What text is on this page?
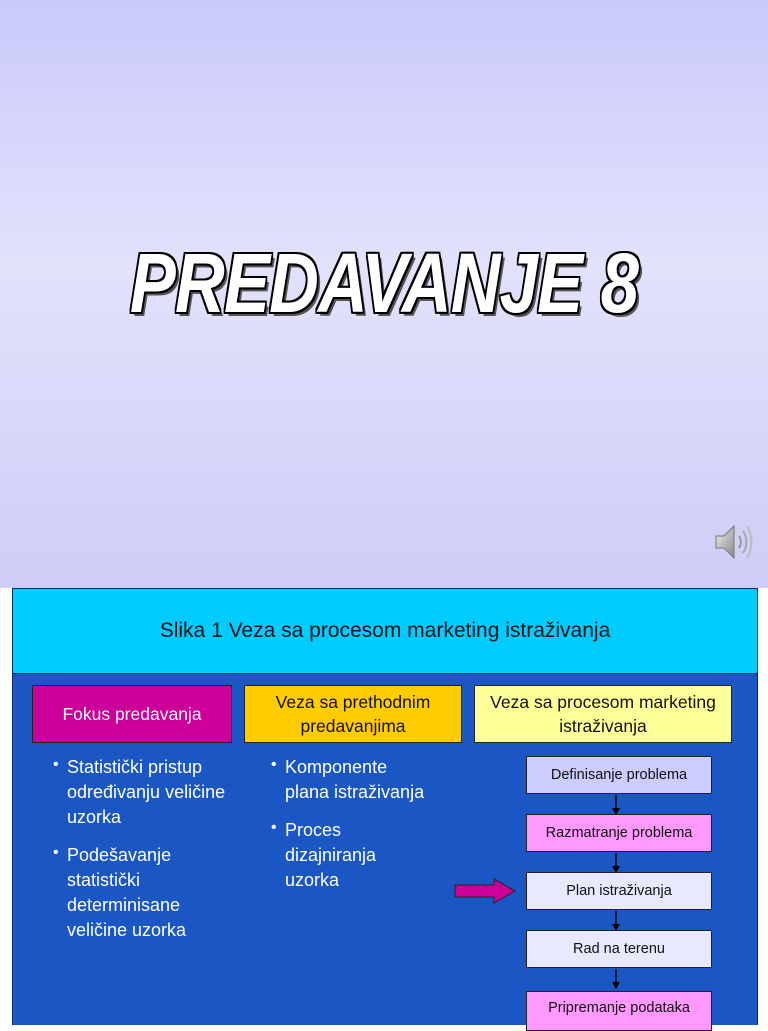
PREDAVANJE 8
Slika 1 Veza sa procesom marketing istraživanja
Fokus predavanja
Veza sa prethodnim predavanjima
Veza sa procesom marketing istraživanja
• Statistički pristup određivanju veličine uzorka
• Podešavanje statistički determinisane veličine uzorka
• Komponente plana istraživanja
• Proces dizajniranja uzorka
Definisanje problema
Razmatranje problema
Plan istraživanja
Rad na terenu
Pripremanje podataka
